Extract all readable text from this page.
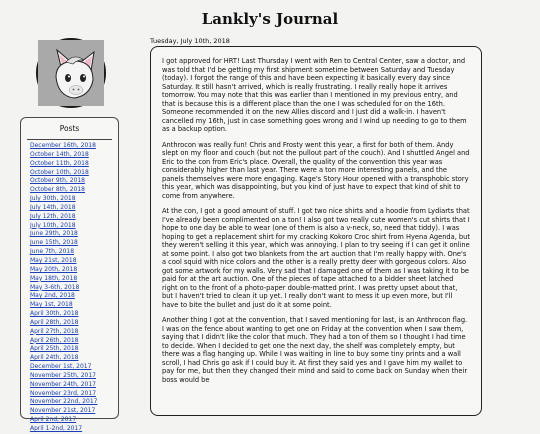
Lankly's Journal
Posts
December 16th, 2018
October 14th, 2018
October 11th, 2018
October 10th, 2018
October 9th, 2018
October 8th, 2018
July 30th, 2018
July 14th, 2018
July 12th, 2018
July 10th, 2018
June 29th, 2018
June 15th, 2018
June 7th, 2018
May 21st, 2018
May 20th, 2018
May 18th, 2018
May 3-6th, 2018
May 2nd, 2018
May 1st, 2018
April 30th, 2018
April 28th, 2018
April 27th, 2018
April 26th, 2018
April 25th, 2018
April 24th, 2018
December 1st, 2017
November 25th, 2017
November 24th, 2017
November 23rd, 2017
November 22nd, 2017
November 21st, 2017
April 2nd, 2017
April 1-2nd, 2017
Tuesday, July 10th, 2018

I got approved for HRT! Last Thursday I went with Ren to Central Center, saw a doctor, and was told that I'd be getting my first shipment sometime between Saturday and Tuesday (today). I forgot the range of this and have been expecting it basically every day since Saturday. It still hasn't arrived, which is really frustrating. I really really hope it arrives tomorrow. You may note that this was earlier than I mentioned in my previous entry, and that is because this is a different place than the one I was scheduled for on the 16th. Someone recommended it on the new Allies discord and I just did a walk-in. I haven't cancelled my 16th, just in case something goes wrong and I wind up needing to go to them as a backup option.

Anthrocon was really fun! Chris and Frosty went this year, a first for both of them. Andy slept on my floor and couch (but not the pullout part of the couch). And I shuttled Angel and Eric to the con from Eric's place. Overall, the quality of the convention this year was considerably higher than last year. There were a ton more interesting panels, and the panels themselves were more engaging. Kage's Story Hour opened with a transphobic story this year, which was disappointing, but you kind of just have to expect that kind of shit to come from anywhere.

At the con, I got a good amount of stuff. I got two nice shirts and a hoodie from Lydiarts that I've already been complimented on a ton! I also got two really cute women's cut shirts that I hope to one day be able to wear (one of them is also a v-neck, so, need that tiddy). I was hoping to get a replacement shirt for my cracking Kokoro Croc shirt from Hyena Agenda, but they weren't selling it this year, which was annoying. I plan to try seeing if I can get it online at some point. I also got two blankets from the art auction that I'm really happy with. One's a cool squid with nice colors and the other is a really pretty deer with gorgeous colors. Also got some artwork for my walls. Very sad that I damaged one of them as I was taking it to be paid for at the art auction. One of the pieces of tape attached to a bidder sheet latched right on to the front of a photo-paper double-matted print. I was pretty upset about that, but I haven't tried to clean it up yet. I really don't want to mess it up even more, but I'll have to bite the bullet and just do it at some point.

Another thing I got at the convention, that I saved mentioning for last, is an Anthrocon flag. I was on the fence about wanting to get one on Friday at the convention when I saw them, saying that I didn't like the color that much. They had a ton of them so I thought I had time to decide. When I decided to get one the next day, the shelf was completely empty, but there was a flag hanging up. While I was waiting in line to buy some tiny prints and a wall scroll, I had Chris go ask if I could buy it. At first they said yes and I gave him my wallet to pay for me, but then they changed their mind and said to come back on Sunday when their boss would be
